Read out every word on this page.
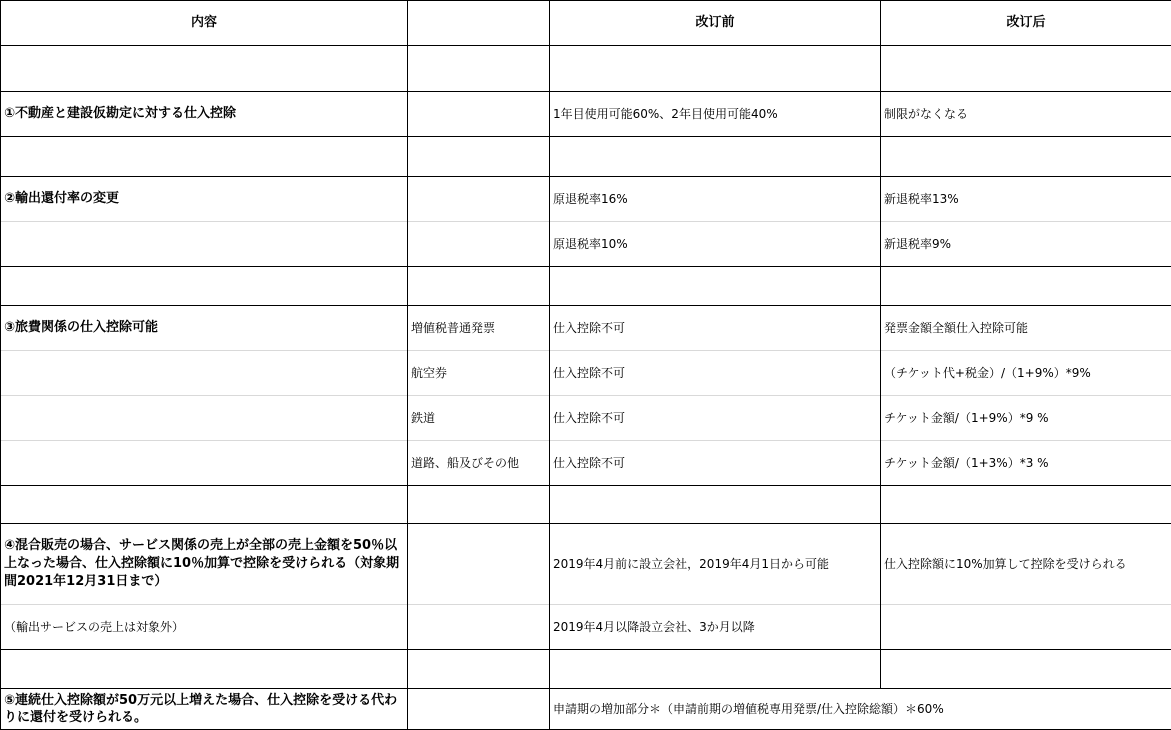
内容		改订前	改订后

①不動産と建設仮勘定に対する仕入控除		1年目使用可能60%、2年目使用可能40%	制限がなくなる

②輸出還付率の変更		原退税率16%	新退税率13%
		原退税率10%	新退税率9%

③旅費関係の仕入控除可能	増値税普通発票	仕入控除不可	発票金額全額仕入控除可能
	航空券	仕入控除不可	（チケット代+税金）/（1+9%）*9%
	鉄道	仕入控除不可	チケット金額/（1+9%）*9 %
	道路、船及びその他	仕入控除不可	チケット金額/（1+3%）*3 %

④混合販売の場合、サービス関係の売上が全部の売上金額を50％以上なった場合、仕入控除額に10％加算で控除を受けられる（対象期間2021年12月31日まで）		2019年4月前に設立会社，2019年4月1日から可能	仕入控除額に10%加算して控除を受けられる
（輸出サービスの売上は対象外）		2019年4月以降設立会社、3か月以降	

⑤連続仕入控除額が50万元以上増えた場合、仕入控除を受ける代わりに還付を受けられる。		申請期の増加部分＊（申請前期の増値税専用発票/仕入控除総額）＊60%	
